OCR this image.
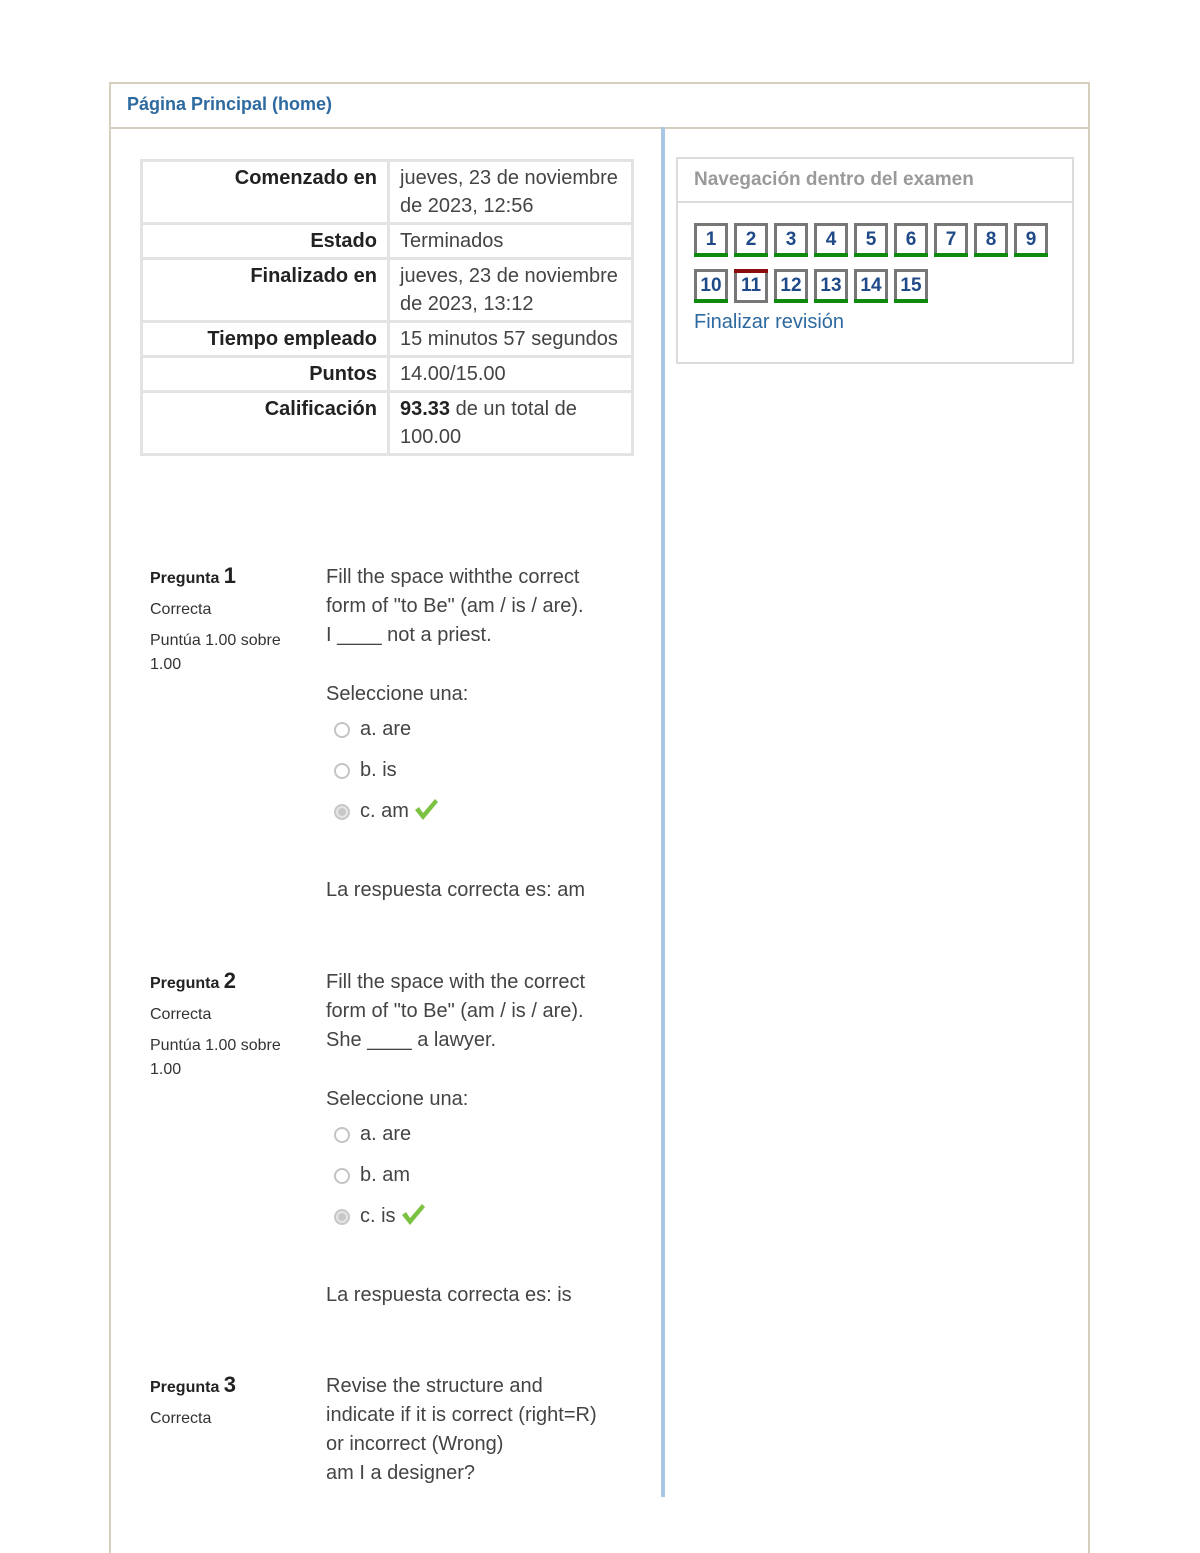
Página Principal (home)
Comenzado en	jueves, 23 de noviembre de 2023, 12:56
Estado	Terminados
Finalizado en	jueves, 23 de noviembre de 2023, 13:12
Tiempo empleado	15 minutos 57 segundos
Puntos	14.00/15.00
Calificación	93.33 de un total de 100.00
Pregunta 1
Correcta
Puntúa 1.00 sobre 1.00
Fill the space withthe correct
form of "to Be" (am / is / are).
I ____ not a priest.
Seleccione una:
a. are
b. is
c. am
La respuesta correcta es: am
Pregunta 2
Correcta
Puntúa 1.00 sobre 1.00
Fill the space with the correct
form of "to Be" (am / is / are).
She ____ a lawyer.
Seleccione una:
a. are
b. am
c. is
La respuesta correcta es: is
Pregunta 3
Correcta
Revise the structure and
indicate if it is correct (right=R)
or incorrect (Wrong)
am I a designer?
Navegación dentro del examen
1	2	3	4	5	6	7	8	9
10	11	12 13 14 15
Finalizar revisión
